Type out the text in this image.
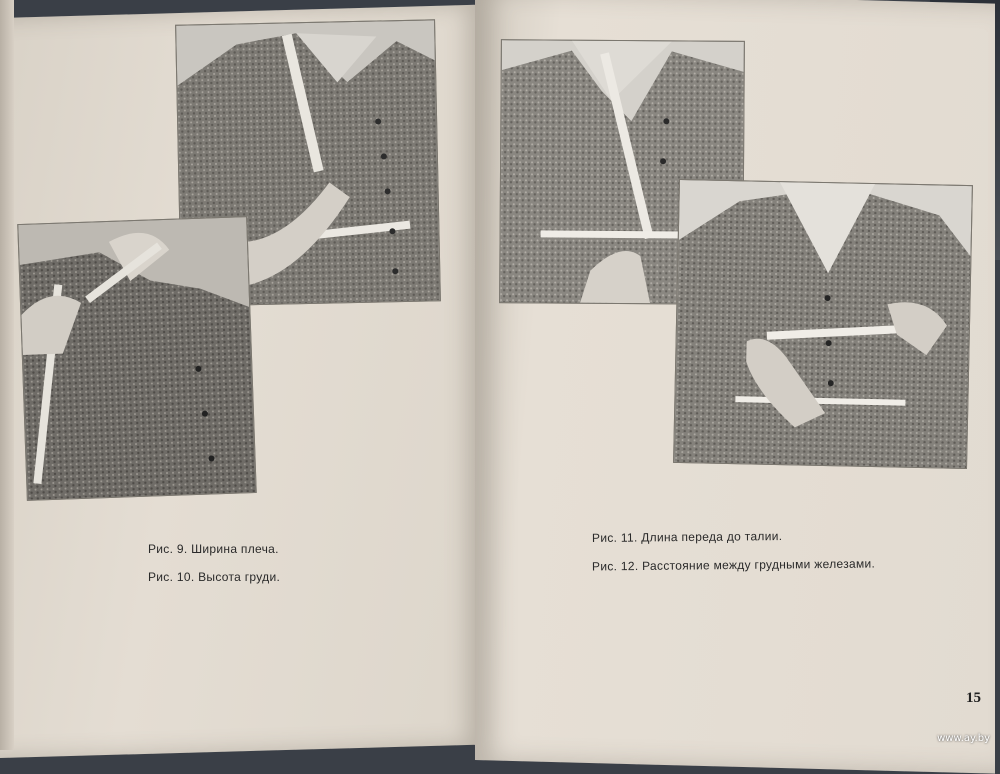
Рис. 9. Ширина плеча.
Рис. 10. Высота груди.
Рис. 11. Длина переда до талии.
Рис. 12. Расстояние между грудными железами.
15
www.ay.by
